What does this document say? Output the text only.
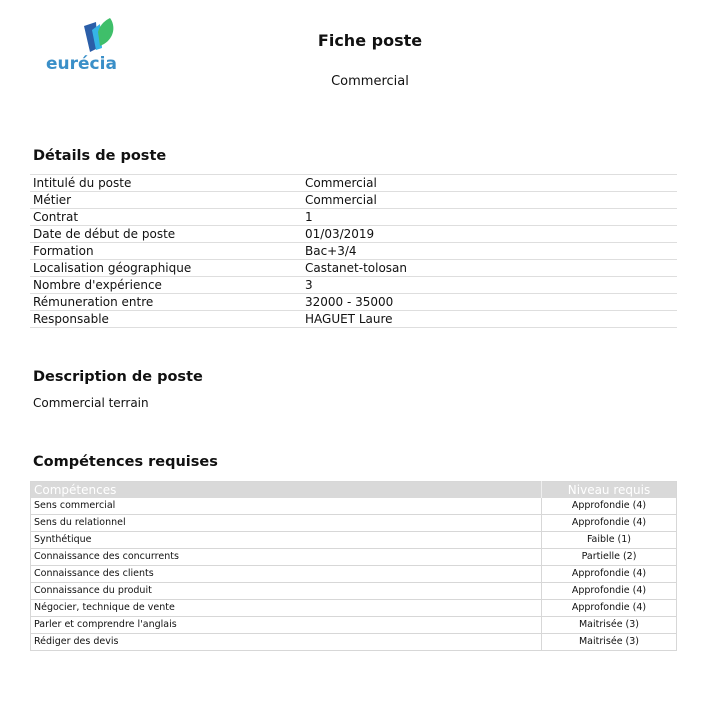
eurécia
Fiche poste
Commercial
Détails de poste
Intitulé du poste	Commercial
Métier	Commercial
Contrat	1
Date de début de poste	01/03/2019
Formation	Bac+3/4
Localisation géographique	Castanet-tolosan
Nombre d'expérience	3
Rémuneration entre	32000 - 35000
Responsable	HAGUET Laure
Description de poste
Commercial terrain
Compétences requises
Compétences	Niveau requis
Sens commercial	Approfondie (4)
Sens du relationnel	Approfondie (4)
Synthétique	Faible (1)
Connaissance des concurrents	Partielle (2)
Connaissance des clients	Approfondie (4)
Connaissance du produit	Approfondie (4)
Négocier, technique de vente	Approfondie (4)
Parler et comprendre l'anglais	Maitrisée (3)
Rédiger des devis	Maitrisée (3)
